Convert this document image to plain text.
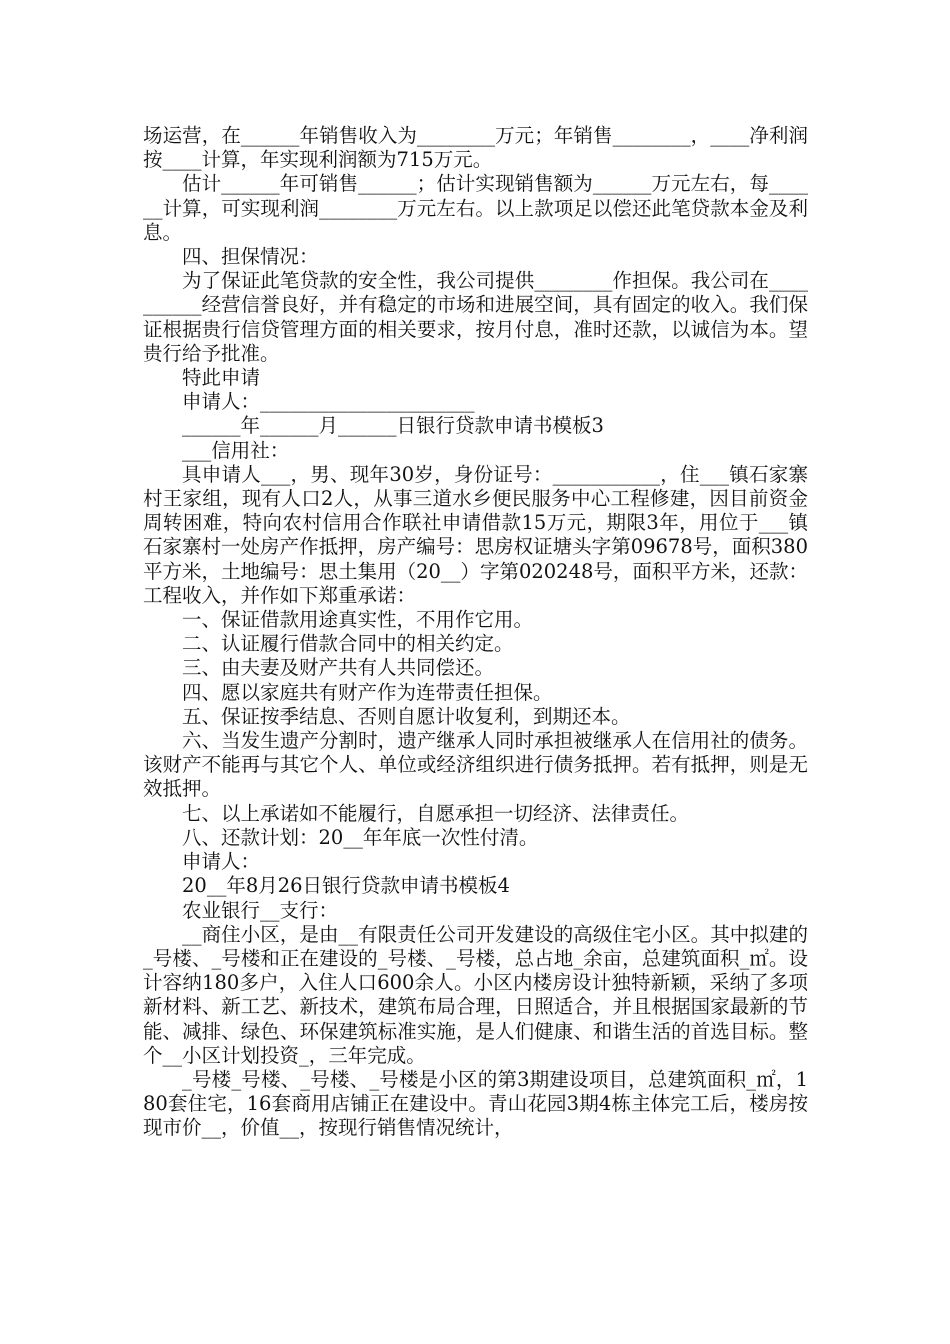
场运营，在______年销售收入为________万元；年销售________，____净利润按____计算，年实现利润额为715万元。

估计______年可销售______；估计实现销售额为______万元左右，每______计算，可实现利润________万元左右。以上款项足以偿还此笔贷款本金及利息。

四、担保情况：

为了保证此笔贷款的安全性，我公司提供________作担保。我公司在__________经营信誉良好，并有稳定的市场和进展空间，具有固定的收入。我们保证根据贵行信贷管理方面的相关要求，按月付息，准时还款，以诚信为本。望贵行给予批准。

特此申请

申请人：______________________

______年______月______日银行贷款申请书模板3

___信用社：

具申请人___，男、现年30岁，身份证号：___________，住___镇石家寨村王家组，现有人口2人，从事三道水乡便民服务中心工程修建，因目前资金周转困难，特向农村信用合作联社申请借款15万元，期限3年，用位于___镇石家寨村一处房产作抵押，房产编号：思房权证塘头字第09678号，面积380平方米，土地编号：思土集用（20__）字第020248号，面积平方米，还款：工程收入，并作如下郑重承诺：

一、保证借款用途真实性，不用作它用。

二、认证履行借款合同中的相关约定。

三、由夫妻及财产共有人共同偿还。

四、愿以家庭共有财产作为连带责任担保。

五、保证按季结息、否则自愿计收复利，到期还本。

六、当发生遗产分割时，遗产继承人同时承担被继承人在信用社的债务。该财产不能再与其它个人、单位或经济组织进行债务抵押。若有抵押，则是无效抵押。

七、以上承诺如不能履行，自愿承担一切经济、法律责任。

八、还款计划：20__年年底一次性付清。

申请人：

20__年8月26日银行贷款申请书模板4

农业银行__支行：

__商住小区，是由__有限责任公司开发建设的高级住宅小区。其中拟建的_号楼、_号楼和正在建设的_号楼、_号楼，总占地_余亩，总建筑面积_㎡。设计容纳180多户，入住人口600余人。小区内楼房设计独特新颖，采纳了多项新材料、新工艺、新技术，建筑布局合理，日照适合，并且根据国家最新的节能、减排、绿色、环保建筑标准实施，是人们健康、和谐生活的首选目标。整个__小区计划投资_，三年完成。

_号楼_号楼、_号楼、_号楼是小区的第3期建设项目，总建筑面积_㎡，180套住宅，16套商用店铺正在建设中。青山花园3期4栋主体完工后，楼房按现市价__，价值__，按现行销售情况统计，
